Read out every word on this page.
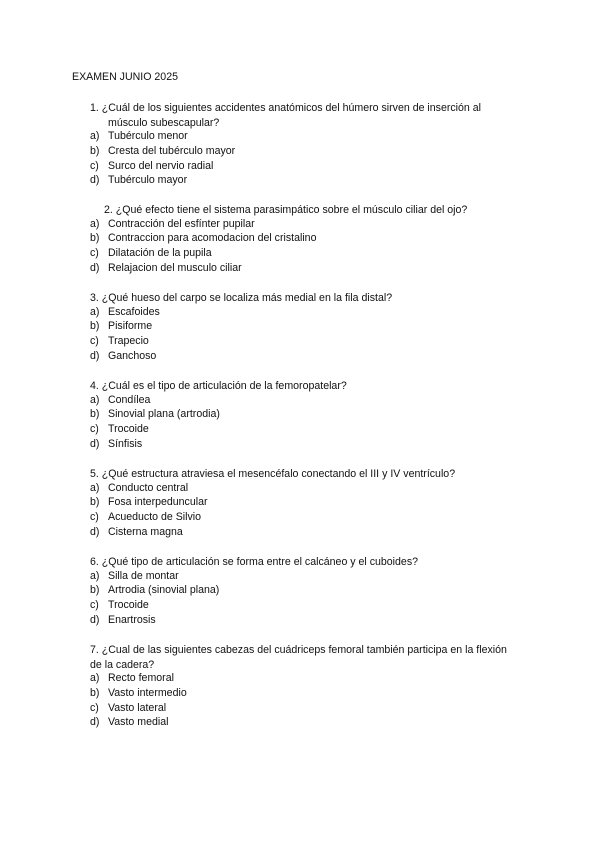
EXAMEN JUNIO 2025
1. ¿Cuál de los siguientes accidentes anatómicos del húmero sirven de inserción al
músculo subescapular?
a) Tubérculo menor
b) Cresta del tubérculo mayor
c) Surco del nervio radial
d) Tubérculo mayor
2. ¿Qué efecto tiene el sistema parasimpático sobre el músculo ciliar del ojo?
a) Contracción del esfínter pupilar
b) Contraccion para acomodacion del cristalino
c) Dilatación de la pupila
d) Relajacion del musculo ciliar
3. ¿Qué hueso del carpo se localiza más medial en la fila distal?
a) Escafoides
b) Pisiforme
c) Trapecio
d) Ganchoso
4. ¿Cuál es el tipo de articulación de la femoropatelar?
a) Condílea
b) Sinovial plana (artrodia)
c) Trocoide
d) Sínfisis
5. ¿Qué estructura atraviesa el mesencéfalo conectando el III y IV ventrículo?
a) Conducto central
b) Fosa interpeduncular
c) Acueducto de Silvio
d) Cisterna magna
6. ¿Qué tipo de articulación se forma entre el calcáneo y el cuboides?
a) Silla de montar
b) Artrodia (sinovial plana)
c) Trocoide
d) Enartrosis
7. ¿Cual de las siguientes cabezas del cuádriceps femoral también participa en la flexión
de la cadera?
a) Recto femoral
b) Vasto intermedio
c) Vasto lateral
d) Vasto medial
